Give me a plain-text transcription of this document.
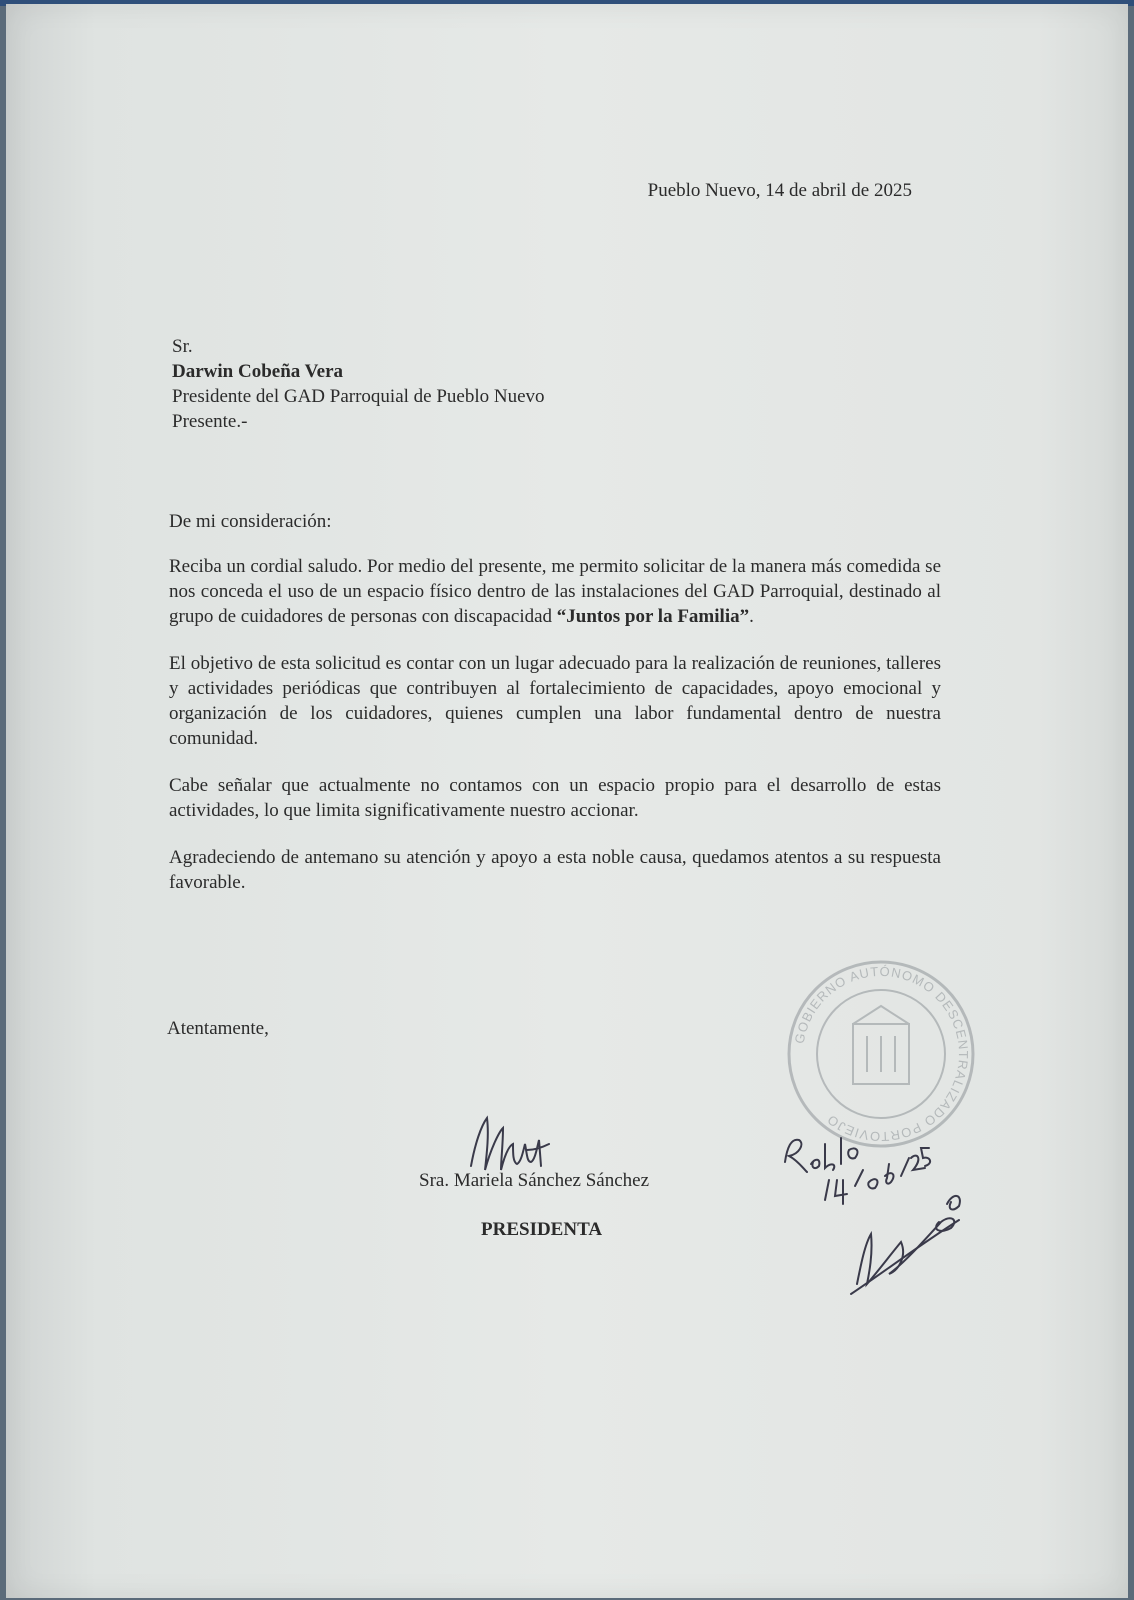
Pueblo Nuevo, 14 de abril de 2025
Sr.
Darwin Cobeña Vera
Presidente del GAD Parroquial de Pueblo Nuevo
Presente.-

De mi consideración:

Reciba un cordial saludo. Por medio del presente, me permito solicitar de la manera más comedida se nos conceda el uso de un espacio físico dentro de las instalaciones del GAD Parroquial, destinado al grupo de cuidadores de personas con discapacidad “Juntos por la Familia”.

El objetivo de esta solicitud es contar con un lugar adecuado para la realización de reuniones, talleres y actividades periódicas que contribuyen al fortalecimiento de capacidades, apoyo emocional y organización de los cuidadores, quienes cumplen una labor fundamental dentro de nuestra comunidad.

Cabe señalar que actualmente no contamos con un espacio propio para el desarrollo de estas actividades, lo que limita significativamente nuestro accionar.

Agradeciendo de antemano su atención y apoyo a esta noble causa, quedamos atentos a su respuesta favorable.

Atentamente,
Sra. Mariela Sánchez Sánchez
PRESIDENTA
GOBIERNO AUTÓNOMO DESCENTRALIZADO PORTOVIEJO
